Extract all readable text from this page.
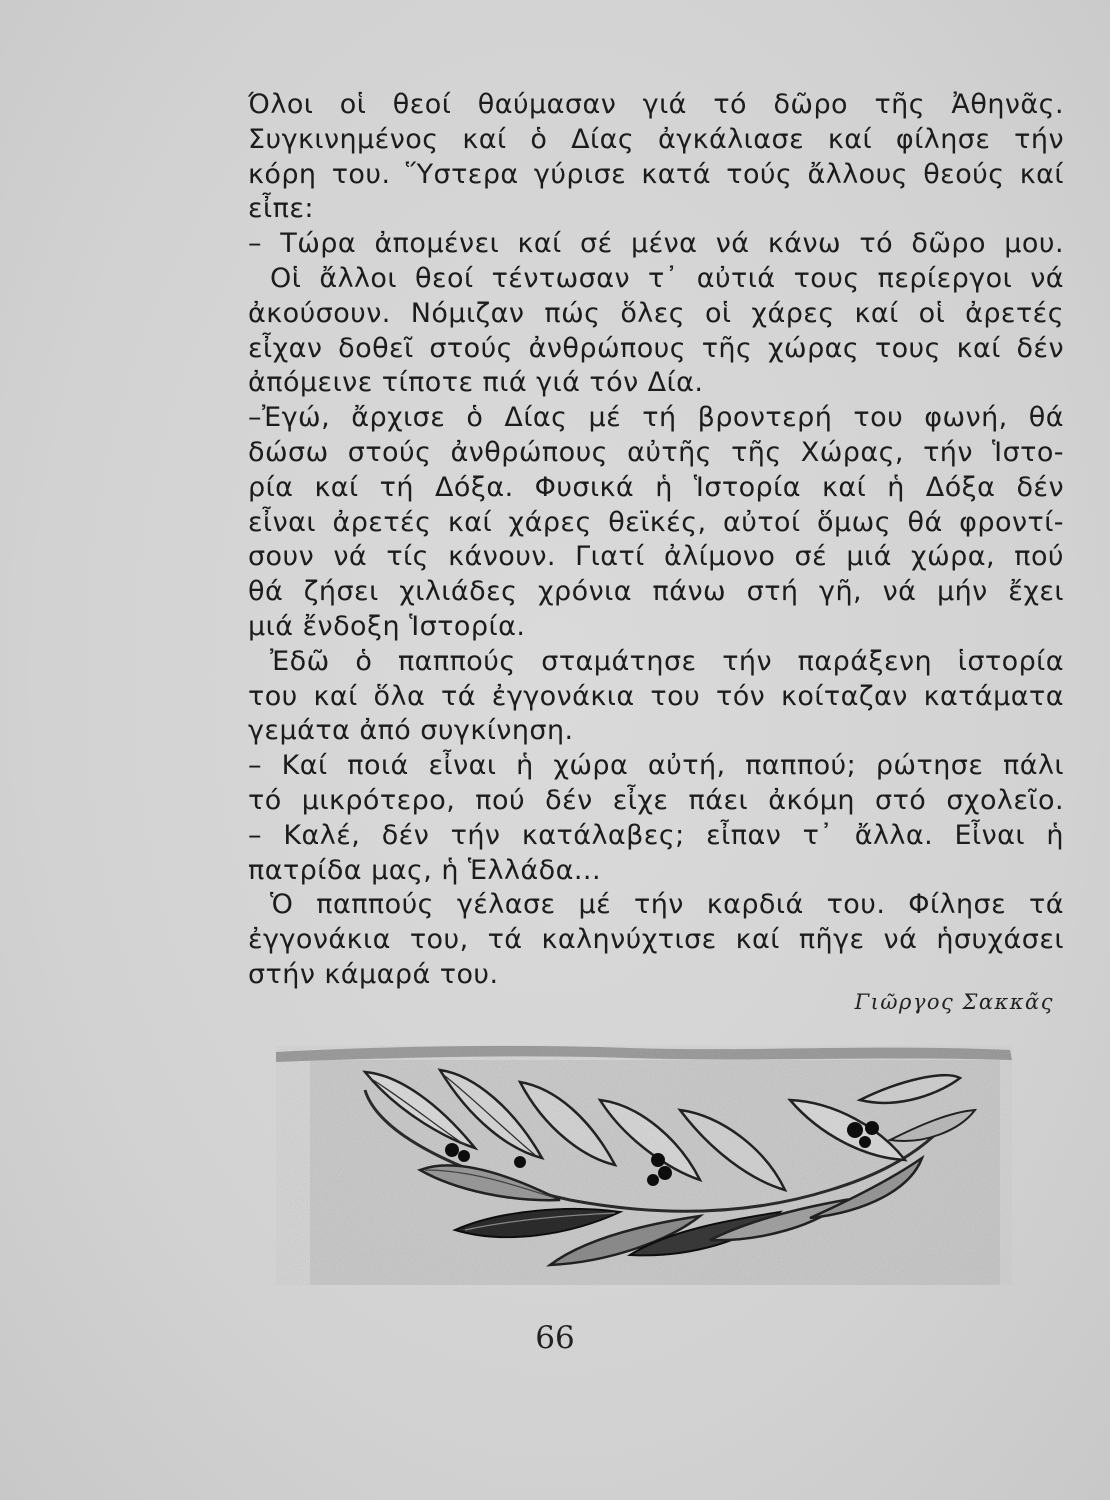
Όλοι οἱ θεοί θαύμασαν γιά τό δῶρο τῆς Ἀθηνᾶς.
Συγκινημένος καί ὁ Δίας ἀγκάλιασε καί φίλησε τήν
κόρη του. Ὕστερα γύρισε κατά τούς ἄλλους θεούς καί
εἶπε:
– Τώρα ἀπομένει καί σέ μένα νά κάνω τό δῶρο μου.
Οἱ ἄλλοι θεοί τέντωσαν τ᾽ αὐτιά τους περίεργοι νά
ἀκούσουν. Νόμιζαν πώς ὅλες οἱ χάρες καί οἱ ἀρετές
εἶχαν δοθεῖ στούς ἀνθρώπους τῆς χώρας τους καί δέν
ἀπόμεινε τίποτε πιά γιά τόν Δία.
–Ἐγώ, ἄρχισε ὁ Δίας μέ τή βροντερή του φωνή, θά
δώσω στούς ἀνθρώπους αὐτῆς τῆς Χώρας, τήν Ἱστο-
ρία καί τή Δόξα. Φυσικά ἡ Ἱστορία καί ἡ Δόξα δέν
εἶναι ἀρετές καί χάρες θεϊκές, αὐτοί ὅμως θά φροντί-
σουν νά τίς κάνουν. Γιατί ἀλίμονο σέ μιά χώρα, πού
θά ζήσει χιλιάδες χρόνια πάνω στή γῆ, νά μήν ἔχει
μιά ἔνδοξη Ἱστορία.
Ἐδῶ ὁ παππούς σταμάτησε τήν παράξενη ἱστορία
του καί ὅλα τά ἐγγονάκια του τόν κοίταζαν κατάματα
γεμάτα ἀπό συγκίνηση.
– Καί ποιά εἶναι ἡ χώρα αὐτή, παππού; ρώτησε πάλι
τό μικρότερο, πού δέν εἶχε πάει ἀκόμη στό σχολεῖο.
– Καλέ, δέν τήν κατάλαβες; εἶπαν τ᾽ ἄλλα. Εἶναι ἡ
πατρίδα μας, ἡ Ἑλλάδα...
Ὁ παππούς γέλασε μέ τήν καρδιά του. Φίλησε τά
ἐγγονάκια του, τά καληνύχτισε καί πῆγε νά ἡσυχάσει
στήν κάμαρά του.
Γιῶργος Σακκᾶς
66
